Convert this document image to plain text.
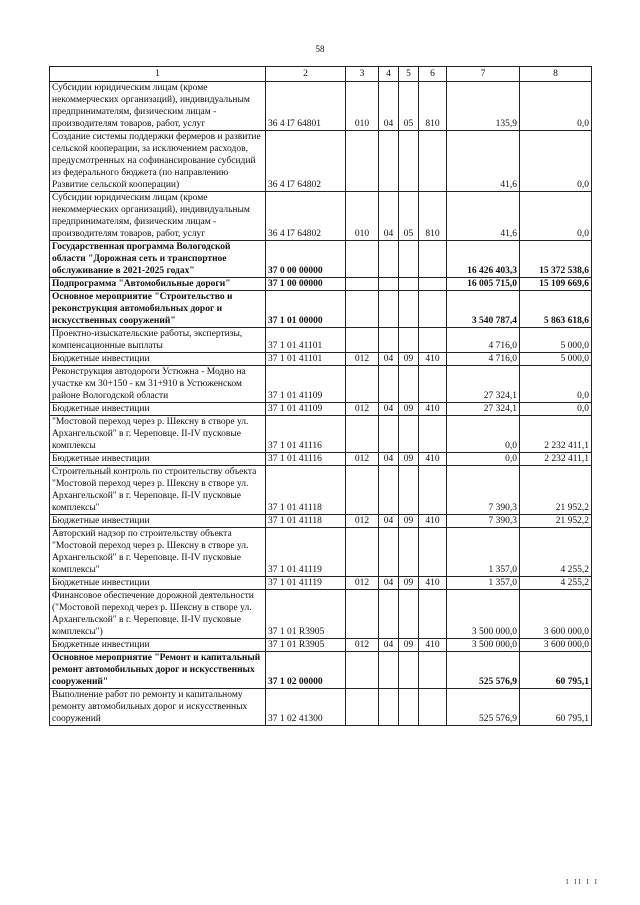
58
1	2	3	4	5	6	7	8
Субсидии юридическим лицам (кроме некоммерческих организаций), индивидуальным предпринимателям, физическим лицам - производителям товаров, работ, услуг	36 4 I7 64801	010	04	05	810	135,9	0,0
Создание системы поддержки фермеров и развитие сельской кооперации, за исключением расходов, предусмотренных на софинансирование субсидий из федерального бюджета (по направлению Развитие сельской кооперации)	36 4 I7 64802					41,6	0,0
Субсидии юридическим лицам (кроме некоммерческих организаций), индивидуальным предпринимателям, физическим лицам - производителям товаров, работ, услуг	36 4 I7 64802	010	04	05	810	41,6	0,0
Государственная программа Вологодской области "Дорожная сеть и транспортное обслуживание в 2021-2025 годах"	37 0 00 00000					16 426 403,3	15 372 538,6
Подпрограмма "Автомобильные дороги"	37 1 00 00000					16 005 715,0	15 109 669,6
Основное мероприятие "Строительство и реконструкция автомобильных дорог и искусственных сооружений"	37 1 01 00000					3 540 787,4	5 863 618,6
Проектно-изыскательские работы, экспертизы, компенсационные выплаты	37 1 01 41101					4 716,0	5 000,0
Бюджетные инвестиции	37 1 01 41101	012	04	09	410	4 716,0	5 000,0
Реконструкция автодороги Устюжна - Модно на участке км 30+150 - км 31+910 в Устюженском районе Вологодской области	37 1 01 41109					27 324,1	0,0
Бюджетные инвестиции	37 1 01 41109	012	04	09	410	27 324,1	0,0
"Мостовой переход через р. Шексну в створе ул. Архангельской" в г. Череповце. II-IV пусковые комплексы	37 1 01 41116					0,0	2 232 411,1
Бюджетные инвестиции	37 1 01 41116	012	04	09	410	0,0	2 232 411,1
Строительный контроль по строительству объекта "Мостовой переход через р. Шексну в створе ул. Архангельской" в г. Череповце. II-IV пусковые комплексы"	37 1 01 41118					7 390,3	21 952,2
Бюджетные инвестиции	37 1 01 41118	012	04	09	410	7 390,3	21 952,2
Авторский надзор по строительству объекта "Мостовой переход через р. Шексну в створе ул. Архангельской" в г. Череповце. II-IV пусковые комплексы"	37 1 01 41119					1 357,0	4 255,2
Бюджетные инвестиции	37 1 01 41119	012	04	09	410	1 357,0	4 255,2
Финансовое обеспечение дорожной деятельности ("Мостовой переход через р. Шексну в створе ул. Архангельской" в г. Череповце. II-IV пусковые комплексы")	37 1 01 R3905					3 500 000,0	3 600 000,0
Бюджетные инвестиции	37 1 01 R3905	012	04	09	410	3 500 000,0	3 600 000,0
Основное мероприятие "Ремонт и капитальный ремонт автомобильных дорог и искусственных сооружений"	37 1 02 00000					525 576,9	60 795,1
Выполнение работ по ремонту и капитальному ремонту автомобильных дорог и искусственных сооружений	37 1 02 41300					525 576,9	60 795,1
I II I I
